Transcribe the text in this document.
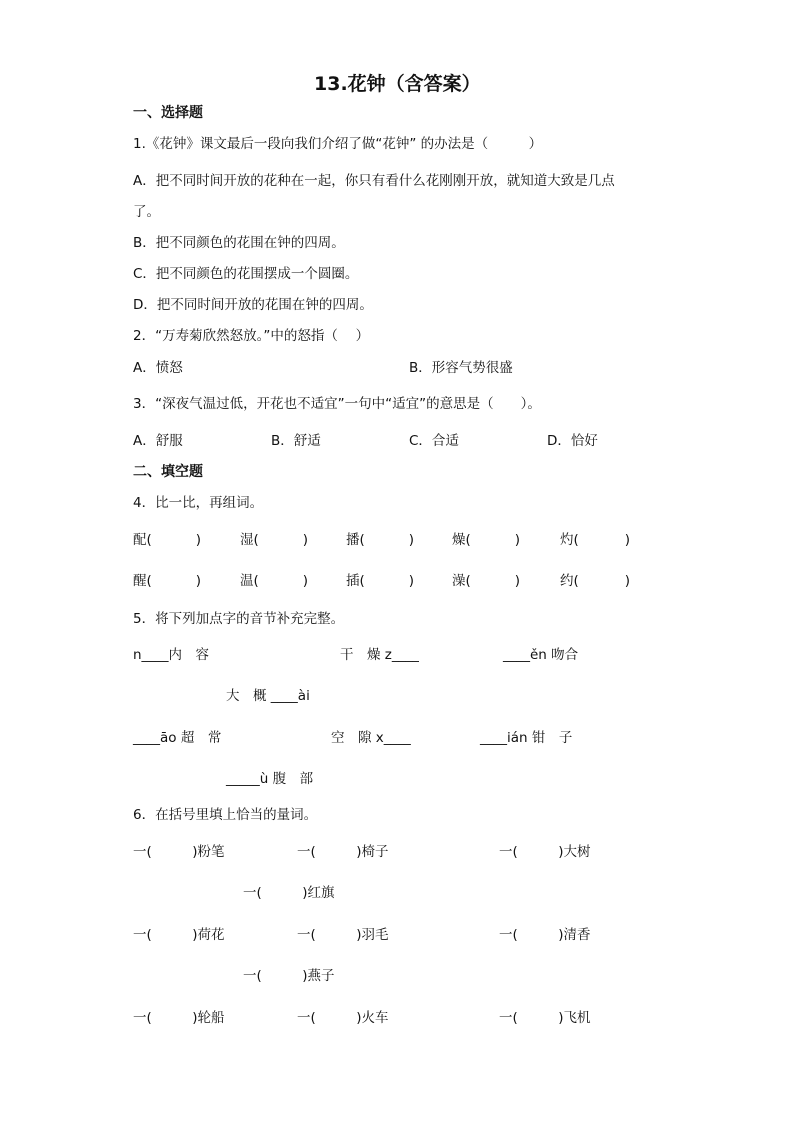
13.花钟（含答案）
一、选择题
1.《花钟》课文最后一段向我们介绍了做“花钟” 的办法是（　　　）
A．把不同时间开放的花种在一起，你只有看什么花刚刚开放，就知道大致是几点
了。
B．把不同颜色的花围在钟的四周。
C．把不同颜色的花围摆成一个圆圈。
D．把不同时间开放的花围在钟的四周。
2．“万寿菊欣然怒放。”中的怒指（　 ）
A．愤怒	B．形容气势很盛
3．“深夜气温过低，开花也不适宜”一句中“适宜”的意思是（　　）。
A．舒服	B．舒适	C．合适	D．恰好
二、填空题
4．比一比，再组词。
配(	)	湿(	)	播(	)	燥(	)	灼(	)
醒(	)	温(	)	插(	)	澡(	)	约(	)
5．将下列加点字的音节补充完整。
n____内　容	干　燥 z____	____ěn 吻合
大　概 ____ài
____āo 超　常	空　隙 x____	____ián 钳　子
_____ù 腹　部
6．在括号里填上恰当的量词。
一(　　　)粉笔	一(　　　)椅子	一(　　　)大树
一(　　　)红旗
一(　　　)荷花	一(　　　)羽毛	一(　　　)清香
一(　　　)燕子
一(　　　)轮船	一(　　　)火车	一(　　　)飞机
